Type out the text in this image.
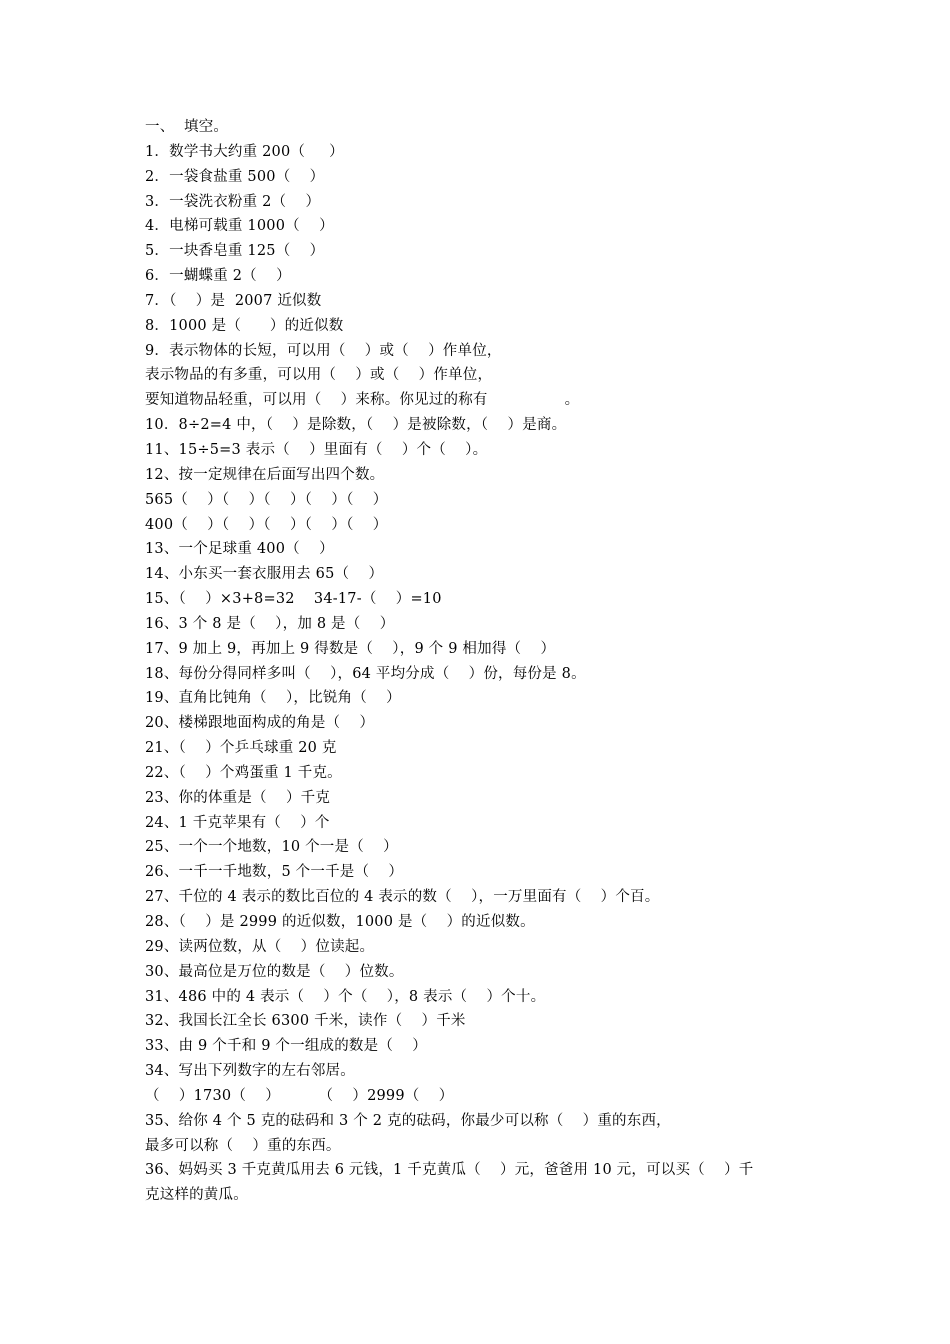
一、  填空。
1．数学书大约重 200（     ）
2．一袋食盐重 500（    ）
3．一袋洗衣粉重 2（    ）
4．电梯可载重 1000（    ）
5．一块香皂重 125（    ）
6．一蝴蝶重 2（    ）
7．（    ）是  2007 近似数
8．1000 是（      ）的近似数
9．表示物体的长短，可以用（    ）或（    ）作单位，
表示物品的有多重，可以用（    ）或（    ）作单位，
要知道物品轻重，可以用（    ）来称。你见过的称有                。
10．8÷2=4 中，（    ）是除数，（    ）是被除数，（    ）是商。
11、15÷5=3 表示（    ）里面有（    ）个（    ）。
12、按一定规律在后面写出四个数。
565（    ）（    ）（    ）（    ）（    ）
400（    ）（    ）（    ）（    ）（    ）
13、一个足球重 400（    ）
14、小东买一套衣服用去 65（    ）
15、（    ）×3+8=32    34-17-（    ）=10
16、3 个 8 是（    ），加 8 是（    ）
17、9 加上 9，再加上 9 得数是（    ），9 个 9 相加得（    ）
18、每份分得同样多叫（    ），64 平均分成（    ）份，每份是 8。
19、直角比钝角（    ），比锐角（    ）
20、楼梯跟地面构成的角是（    ）
21、（    ）个乒乓球重 20 克
22、（    ）个鸡蛋重 1 千克。
23、你的体重是（    ）千克
24、1 千克苹果有（    ）个
25、一个一个地数，10 个一是（    ）
26、一千一千地数，5 个一千是（    ）
27、千位的 4 表示的数比百位的 4 表示的数（    ），一万里面有（    ）个百。
28、（    ）是 2999 的近似数，1000 是（    ）的近似数。
29、读两位数，从（    ）位读起。
30、最高位是万位的数是（    ）位数。
31、486 中的 4 表示（    ）个（    ），8 表示（    ）个十。
32、我国长江全长 6300 千米，读作（    ）千米
33、由 9 个千和 9 个一组成的数是（    ）
34、写出下列数字的左右邻居。
（    ）1730（    ）        （    ）2999（    ）
35、给你 4 个 5 克的砝码和 3 个 2 克的砝码，你最少可以称（    ）重的东西，
最多可以称（    ）重的东西。
36、妈妈买 3 千克黄瓜用去 6 元钱，1 千克黄瓜（    ）元，爸爸用 10 元，可以买（    ）千
克这样的黄瓜。
